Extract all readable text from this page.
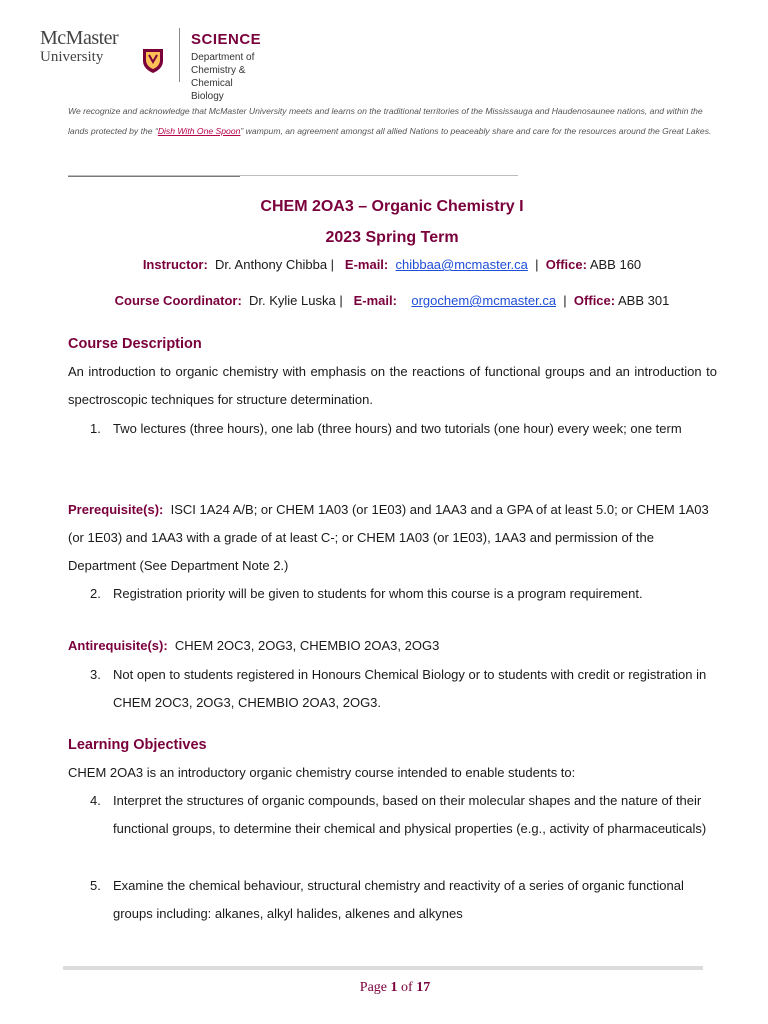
McMaster
University
SCIENCE
Department of Chemistry &
Chemical Biology
We recognize and acknowledge that McMaster University meets and learns on the traditional territories of the Mississauga and Haudenosaunee nations, and within the lands protected by the “Dish With One Spoon” wampum, an agreement amongst all allied Nations to peaceably share and care for the resources around the Great Lakes.
CHEM 2OA3 – Organic Chemistry I
2023 Spring Term
Instructor: Dr. Anthony Chibba | E-mail: chibbaa@mcmaster.ca | Office: ABB 160
Course Coordinator: Dr. Kylie Luska | E-mail: orgochem@mcmaster.ca | Office: ABB 301
Course Description
An introduction to organic chemistry with emphasis on the reactions of functional groups and an introduction to spectroscopic techniques for structure determination.
1. Two lectures (three hours), one lab (three hours) and two tutorials (one hour) every week; one term
Prerequisite(s): ISCI 1A24 A/B; or CHEM 1A03 (or 1E03) and 1AA3 and a GPA of at least 5.0; or CHEM 1A03 (or 1E03) and 1AA3 with a grade of at least C-; or CHEM 1A03 (or 1E03), 1AA3 and permission of the Department (See Department Note 2.)
2. Registration priority will be given to students for whom this course is a program requirement.
Antirequisite(s): CHEM 2OC3, 2OG3, CHEMBIO 2OA3, 2OG3
3. Not open to students registered in Honours Chemical Biology or to students with credit or registration in CHEM 2OC3, 2OG3, CHEMBIO 2OA3, 2OG3.
Learning Objectives
CHEM 2OA3 is an introductory organic chemistry course intended to enable students to:
4. Interpret the structures of organic compounds, based on their molecular shapes and the nature of their functional groups, to determine their chemical and physical properties (e.g., activity of pharmaceuticals)
5. Examine the chemical behaviour, structural chemistry and reactivity of a series of organic functional groups including: alkanes, alkyl halides, alkenes and alkynes
Page 1 of 17
